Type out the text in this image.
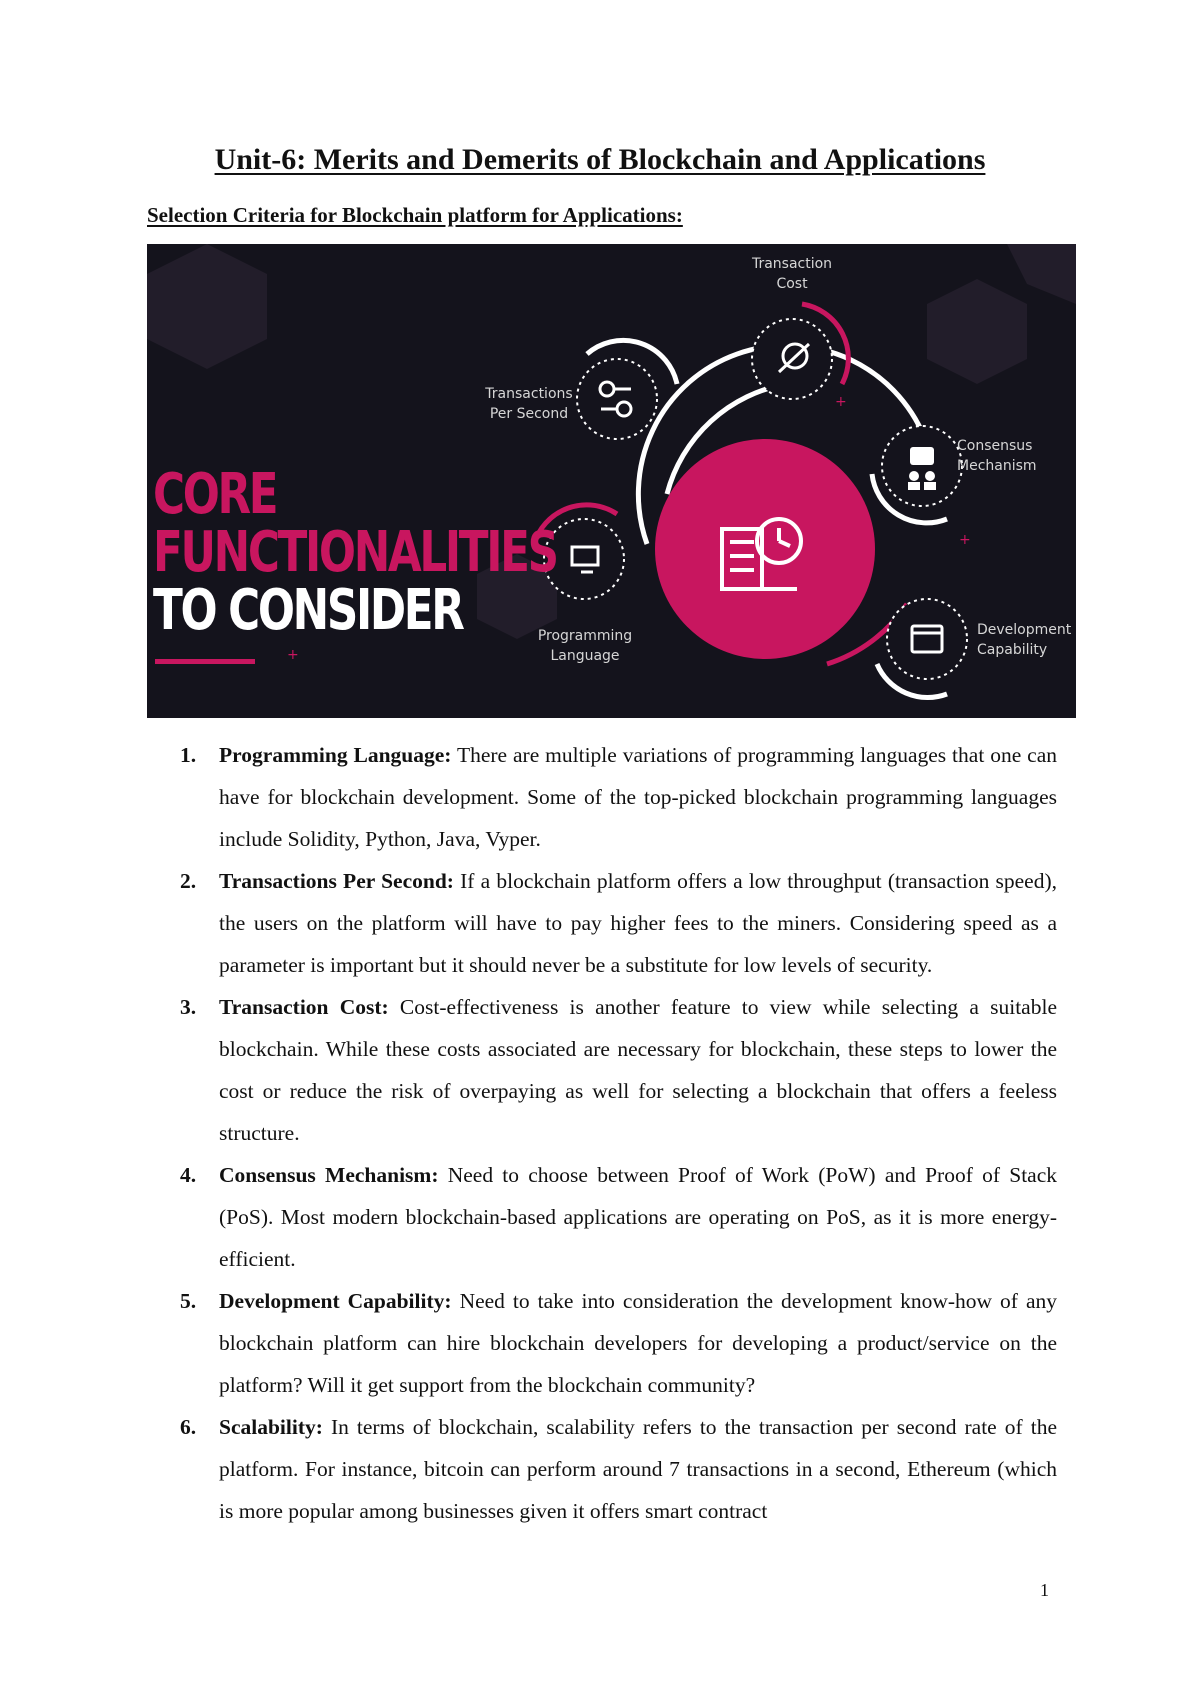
Unit-6: Merits and Demerits of Blockchain and Applications
Selection Criteria for Blockchain platform for Applications:
+
+
+
CORE
FUNCTIONALITIES
TO CONSIDER
Transaction
Cost
Transactions
Per Second
Consensus
Mechanism
Programming
Language
Development
Capability
1.	Programming Language: There are multiple variations of programming languages that one can have for blockchain development. Some of the top-picked blockchain programming languages include Solidity, Python, Java, Vyper.
2.	Transactions Per Second: If a blockchain platform offers a low throughput (transaction speed), the users on the platform will have to pay higher fees to the miners. Considering speed as a parameter is important but it should never be a substitute for low levels of security.
3.	Transaction Cost: Cost-effectiveness is another feature to view while selecting a suitable blockchain. While these costs associated are necessary for blockchain, these steps to lower the cost or reduce the risk of overpaying as well for selecting a blockchain that offers a feeless structure.
4.	Consensus Mechanism: Need to choose between Proof of Work (PoW) and Proof of Stack (PoS). Most modern blockchain-based applications are operating on PoS, as it is more energy-efficient.
5.	Development Capability: Need to take into consideration the development know-how of any blockchain platform can hire blockchain developers for developing a product/service on the platform? Will it get support from the blockchain community?
6.	Scalability: In terms of blockchain, scalability refers to the transaction per second rate of the platform. For instance, bitcoin can perform around 7 transactions in a second, Ethereum (which is more popular among businesses given it offers smart contract
1
